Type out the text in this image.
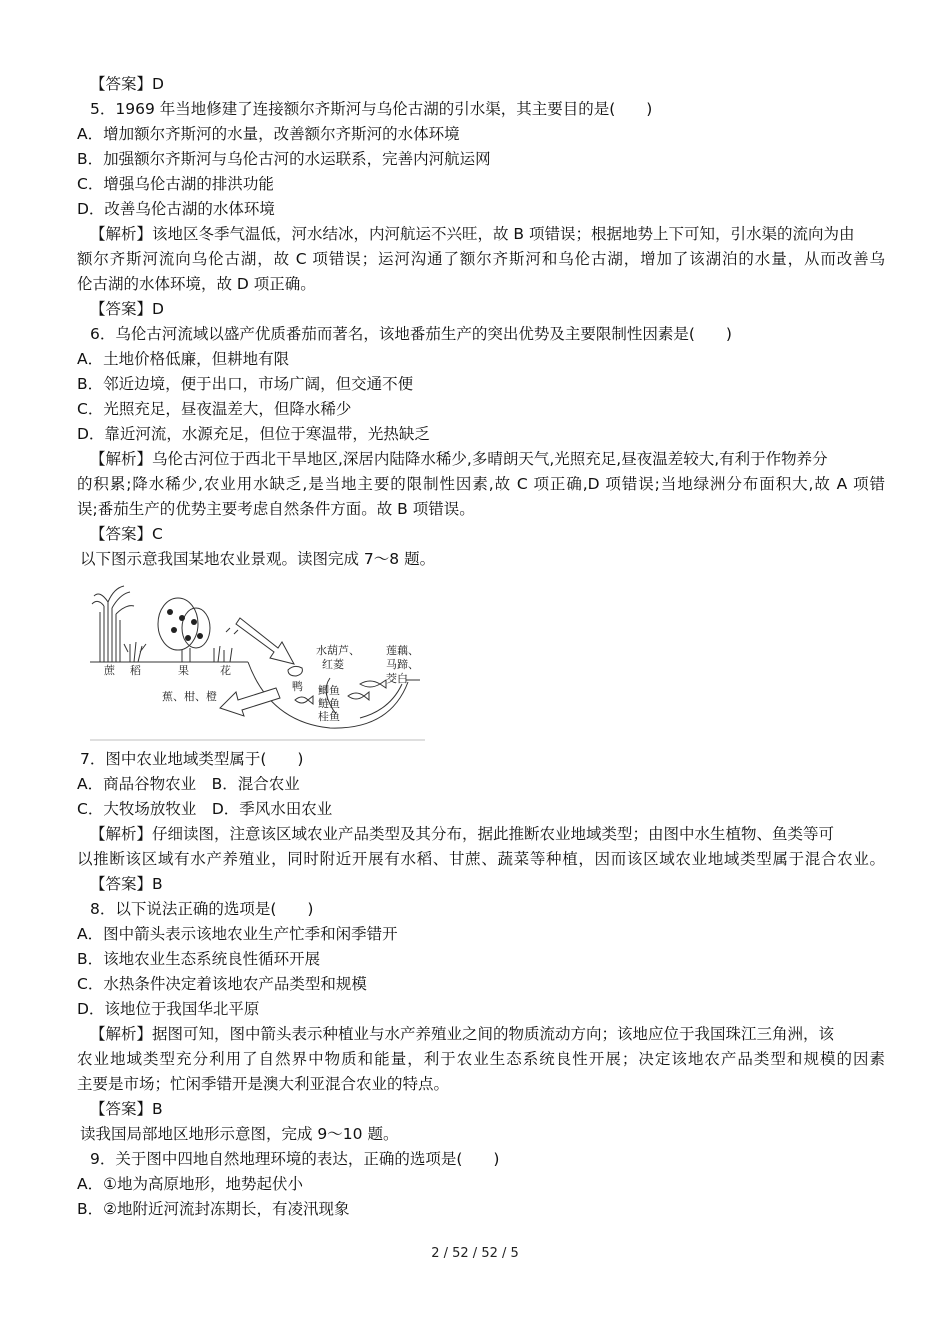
【答案】D
5．1969 年当地修建了连接额尔齐斯河与乌伦古湖的引水渠，其主要目的是(　　)
A．增加额尔齐斯河的水量，改善额尔齐斯河的水体环境
B．加强额尔齐斯河与乌伦古河的水运联系，完善内河航运网
C．增强乌伦古湖的排洪功能
D．改善乌伦古湖的水体环境
【解析】该地区冬季气温低，河水结冰，内河航运不兴旺，故 B 项错误；根据地势上下可知，引水渠的流向为由
额尔齐斯河流向乌伦古湖，故 C 项错误；运河沟通了额尔齐斯河和乌伦古湖，增加了该湖泊的水量，从而改善乌
伦古湖的水体环境，故 D 项正确。
【答案】D
6．乌伦古河流域以盛产优质番茄而著名，该地番茄生产的突出优势及主要限制性因素是(　　)
A．土地价格低廉，但耕地有限
B．邻近边境，便于出口，市场广阔，但交通不便
C．光照充足，昼夜温差大，但降水稀少
D．靠近河流，水源充足，但位于寒温带，光热缺乏
【解析】乌伦古河位于西北干旱地区,深居内陆降水稀少,多晴朗天气,光照充足,昼夜温差较大,有利于作物养分
的积累;降水稀少,农业用水缺乏,是当地主要的限制性因素,故 C 项正确,D 项错误;当地绿洲分布面积大,故 A 项错
误;番茄生产的优势主要考虑自然条件方面。故 B 项错误。
【答案】C
以下图示意我国某地农业景观。读图完成 7～8 题。
蔗 稻	果	花
鸭
蕉、柑、橙
水葫芦、
红菱
莲藕、
马蹄、
茭白
鲫鱼
鲢鱼
桂鱼
7．图中农业地域类型属于(　　)
A．商品谷物农业　B．混合农业
C．大牧场放牧业　D．季风水田农业
【解析】仔细读图，注意该区域农业产品类型及其分布，据此推断农业地域类型；由图中水生植物、鱼类等可
以推断该区域有水产养殖业，同时附近开展有水稻、甘蔗、蔬菜等种植，因而该区域农业地域类型属于混合农业。
【答案】B
8．以下说法正确的选项是(　　)
A．图中箭头表示该地农业生产忙季和闲季错开
B．该地农业生态系统良性循环开展
C．水热条件决定着该地农产品类型和规模
D．该地位于我国华北平原
【解析】据图可知，图中箭头表示种植业与水产养殖业之间的物质流动方向；该地应位于我国珠江三角洲，该
农业地域类型充分利用了自然界中物质和能量，利于农业生态系统良性开展；决定该地农产品类型和规模的因素
主要是市场；忙闲季错开是澳大利亚混合农业的特点。
【答案】B
读我国局部地区地形示意图，完成 9～10 题。
9．关于图中四地自然地理环境的表达，正确的选项是(　　)
A．①地为高原地形，地势起伏小
B．②地附近河流封冻期长，有凌汛现象
2 / 52 / 52 / 5
